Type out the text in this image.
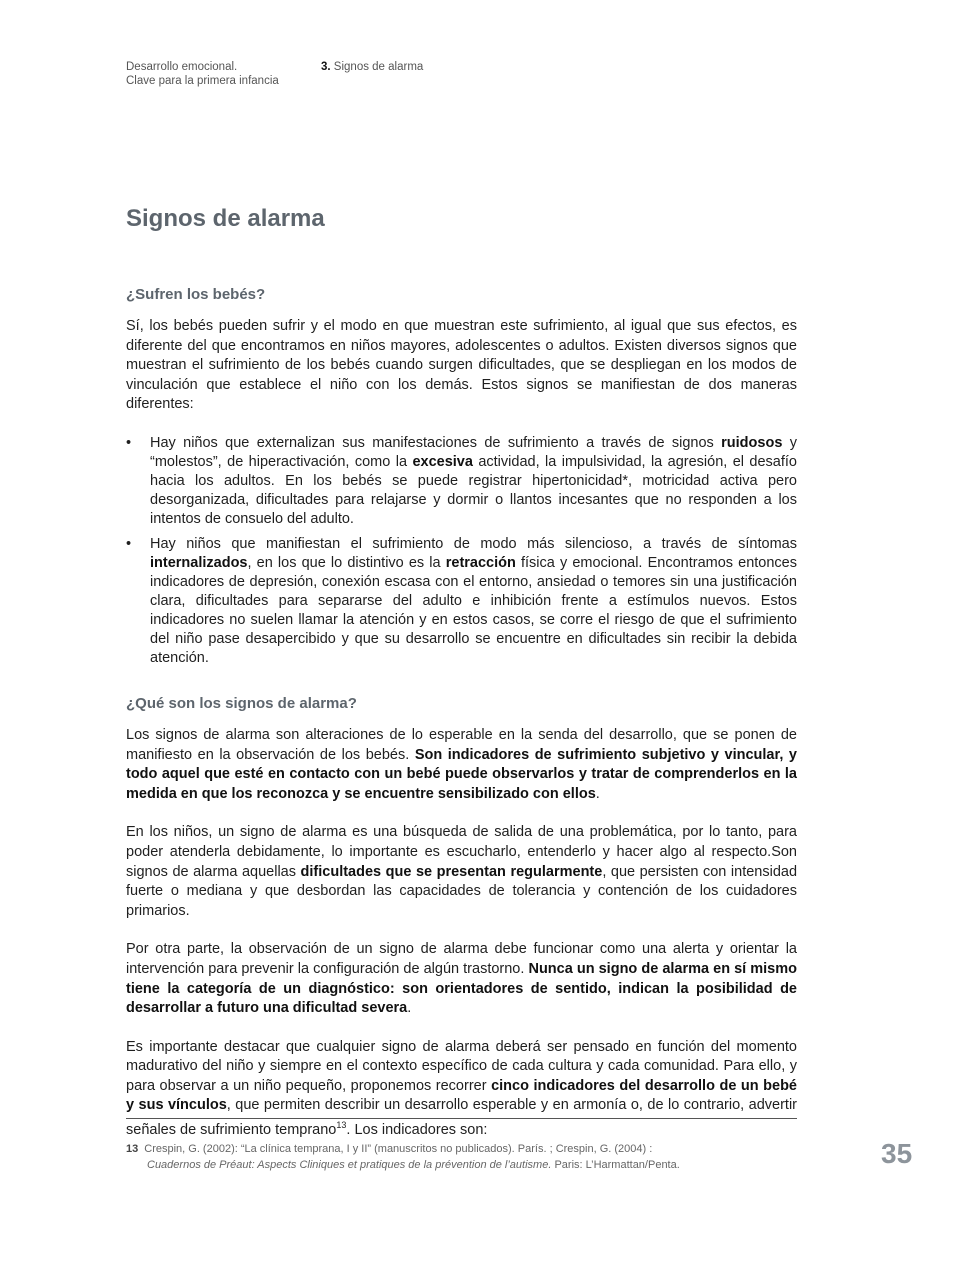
Desarrollo emocional.
Clave para la primera infancia
3. Signos de alarma
Signos de alarma
¿Sufren los bebés?

Sí, los bebés pueden sufrir y el modo en que muestran este sufrimiento, al igual que sus efectos, es diferente del que encontramos en niños mayores, adolescentes o adultos. Existen diversos signos que muestran el sufrimiento de los bebés cuando surgen dificultades, que se despliegan en los modos de vinculación que establece el niño con los demás. Estos signos se manifiestan de dos maneras diferentes:

• Hay niños que externalizan sus manifestaciones de sufrimiento a través de signos ruidosos y “molestos”, de hiperactivación, como la excesiva actividad, la impulsividad, la agresión, el desafío hacia los adultos. En los bebés se puede registrar hipertonicidad*, motricidad activa pero desorganizada, dificultades para relajarse y dormir o llantos incesantes que no responden a los intentos de consuelo del adulto.
• Hay niños que manifiestan el sufrimiento de modo más silencioso, a través de síntomas internalizados, en los que lo distintivo es la retracción física y emocional. Encontramos entonces indicadores de depresión, conexión escasa con el entorno, ansiedad o temores sin una justificación clara, dificultades para separarse del adulto e inhibición frente a estímulos nuevos. Estos indicadores no suelen llamar la atención y en estos casos, se corre el riesgo de que el sufrimiento del niño pase desapercibido y que su desarrollo se encuentre en dificultades sin recibir la debida atención.
¿Qué son los signos de alarma?

Los signos de alarma son alteraciones de lo esperable en la senda del desarrollo, que se ponen de manifiesto en la observación de los bebés. Son indicadores de sufrimiento subjetivo y vincular, y todo aquel que esté en contacto con un bebé puede observarlos y tratar de comprenderlos en la medida en que los reconozca y se encuentre sensibilizado con ellos.

En los niños, un signo de alarma es una búsqueda de salida de una problemática, por lo tanto, para poder atenderla debidamente, lo importante es escucharlo, entenderlo y hacer algo al respecto.Son signos de alarma aquellas dificultades que se presentan regularmente, que persisten con intensidad fuerte o mediana y que desbordan las capacidades de tolerancia y contención de los cuidadores primarios.

Por otra parte, la observación de un signo de alarma debe funcionar como una alerta y orientar la intervención para prevenir la configuración de algún trastorno. Nunca un signo de alarma en sí mismo tiene la categoría de un diagnóstico: son orientadores de sentido, indican la posibilidad de desarrollar a futuro una dificultad severa.

Es importante destacar que cualquier signo de alarma deberá ser pensado en función del momento madurativo del niño y siempre en el contexto específico de cada cultura y cada comunidad. Para ello, y para observar a un niño pequeño, proponemos recorrer cinco indicadores del desarrollo de un bebé y sus vínculos, que permiten describir un desarrollo esperable y en armonía o, de lo contrario, advertir señales de sufrimiento temprano$^{13}$. Los indicadores son:

13 Crespin, G. (2002): “La clínica temprana, I y II” (manuscritos no publicados). París. ; Crespin, G. (2004) :
Cuadernos de Préaut: Aspects Cliniques et pratiques de la prévention de l’autisme. Paris: L’Harmattan/Penta.	35
